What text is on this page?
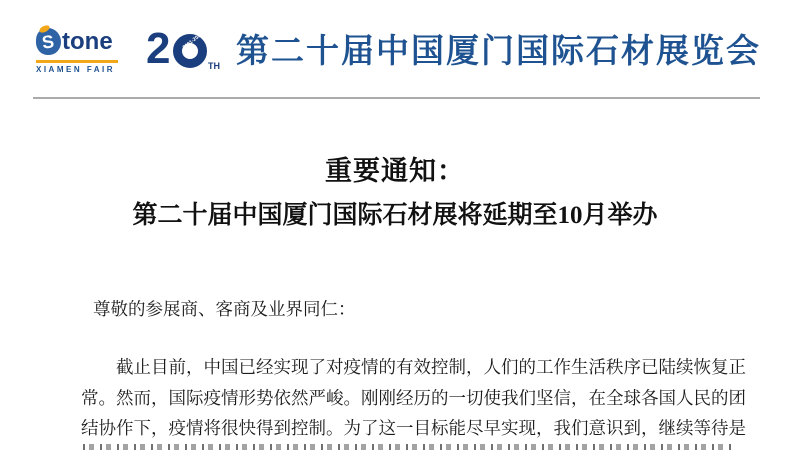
S tone
XIAMEN FAIR 2	2001-2020
TH 第二十届中国厦门国际石材展览会
重要通知：
第二十届中国厦门国际石材展将延期至10月举办
尊敬的参展商、客商及业界同仁：
截止目前，中国已经实现了对疫情的有效控制，人们的工作生活秩序已陆续恢复正
常。然而，国际疫情形势依然严峻。刚刚经历的一切使我们坚信，在全球各国人民的团
结协作下，疫情将很快得到控制。为了这一目标能尽早实现，我们意识到，继续等待是
